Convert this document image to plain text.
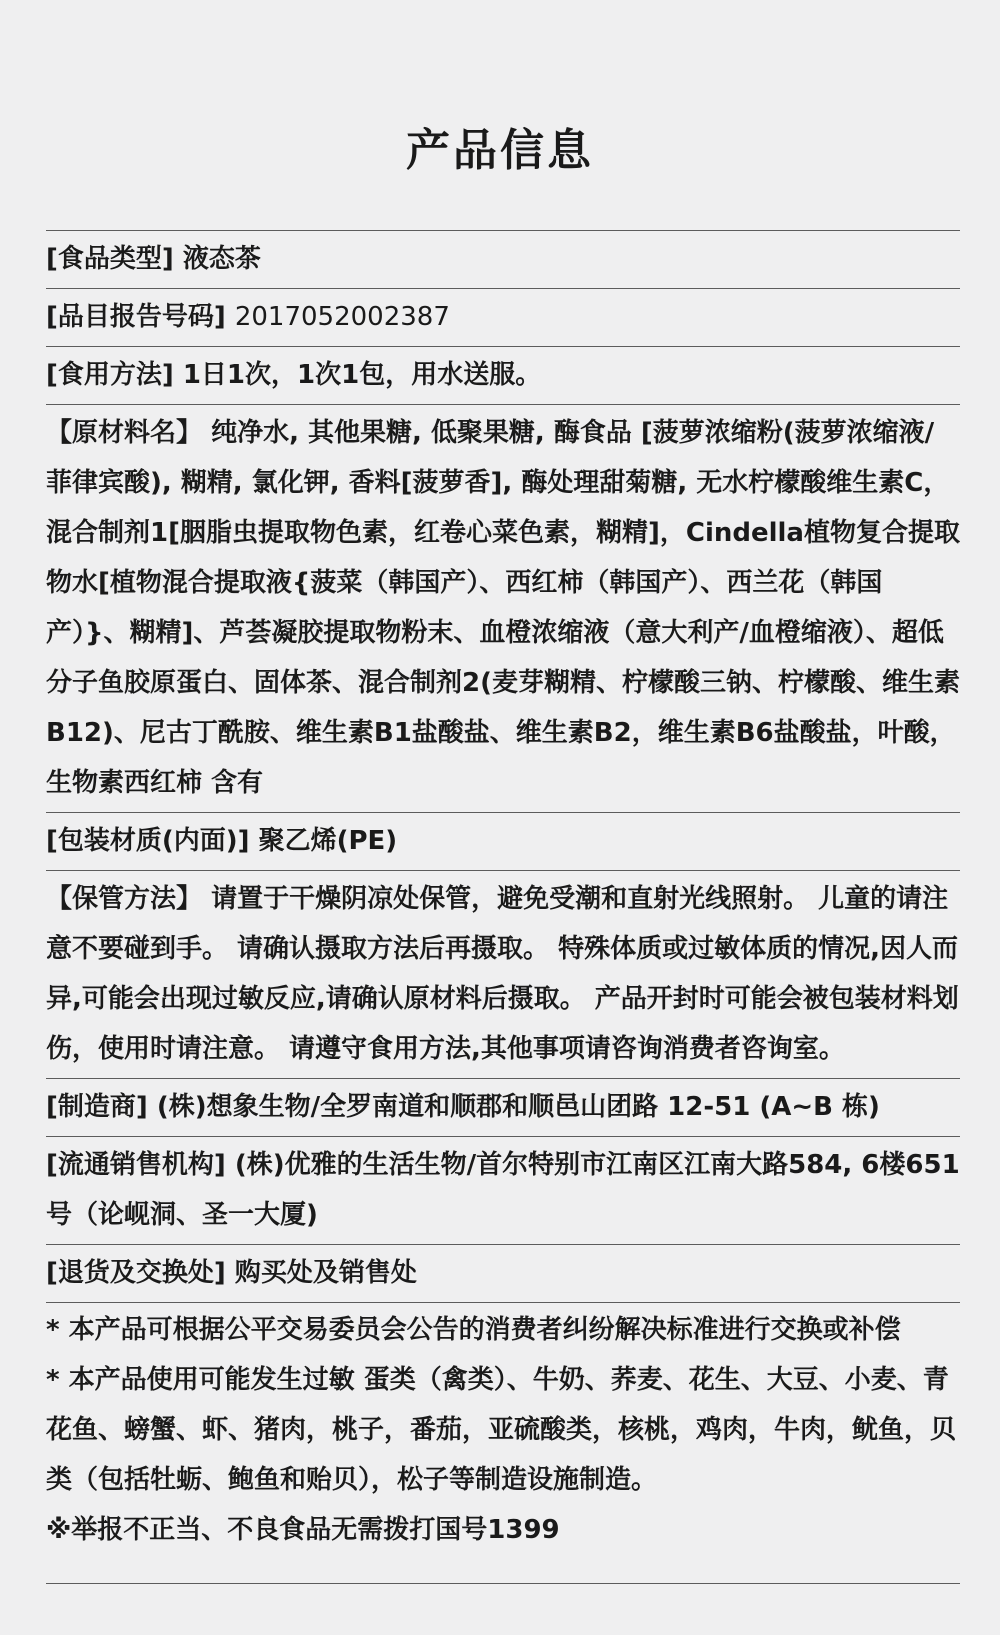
产品信息
[食品类型] 液态茶
[品目报告号码] 2017052002387
[食用方法] 1日1次，1次1包，用水送服。
【原材料名】 纯净水, 其他果糖, 低聚果糖, 酶食品 [菠萝浓缩粉(菠萝浓缩液/菲律宾酸), 糊精, 氯化钾, 香料[菠萝香], 酶处理甜菊糖, 无水柠檬酸维生素C，混合制剂1[胭脂虫提取物色素，红卷心菜色素，糊精]，Cindella植物复合提取物水[植物混合提取液{菠菜（韩国产）、西红柿（韩国产）、西兰花（韩国产）}、糊精]、芦荟凝胶提取物粉末、血橙浓缩液（意大利产/血橙缩液）、超低分子鱼胶原蛋白、固体茶、混合制剂2(麦芽糊精、柠檬酸三钠、柠檬酸、维生素B12)、尼古丁酰胺、维生素B1盐酸盐、维生素B2，维生素B6盐酸盐，叶酸，生物素西红柿 含有
[包装材质(内面)] 聚乙烯(PE)
【保管方法】 请置于干燥阴凉处保管，避免受潮和直射光线照射。 儿童的请注意不要碰到手。 请确认摄取方法后再摄取。 特殊体质或过敏体质的情况,因人而异,可能会出现过敏反应,请确认原材料后摄取。 产品开封时可能会被包装材料划伤，使用时请注意。 请遵守食用方法,其他事项请咨询消费者咨询室。
[制造商] (株)想象生物/全罗南道和顺郡和顺邑山团路 12-51 (A~B 栋)
[流通销售机构] (株)优雅的生活生物/首尔特别市江南区江南大路584, 6楼651号（论岘洞、圣一大厦)
[退货及交换处] 购买处及销售处

* 本产品可根据公平交易委员会公告的消费者纠纷解决标准进行交换或补偿

* 本产品使用可能发生过敏 蛋类（禽类）、牛奶、荞麦、花生、大豆、小麦、青花鱼、螃蟹、虾、猪肉，桃子，番茄，亚硫酸类，核桃，鸡肉，牛肉，鱿鱼，贝类（包括牡蛎、鲍鱼和贻贝），松子等制造设施制造。

※举报不正当、不良食品无需拨打国号1399
